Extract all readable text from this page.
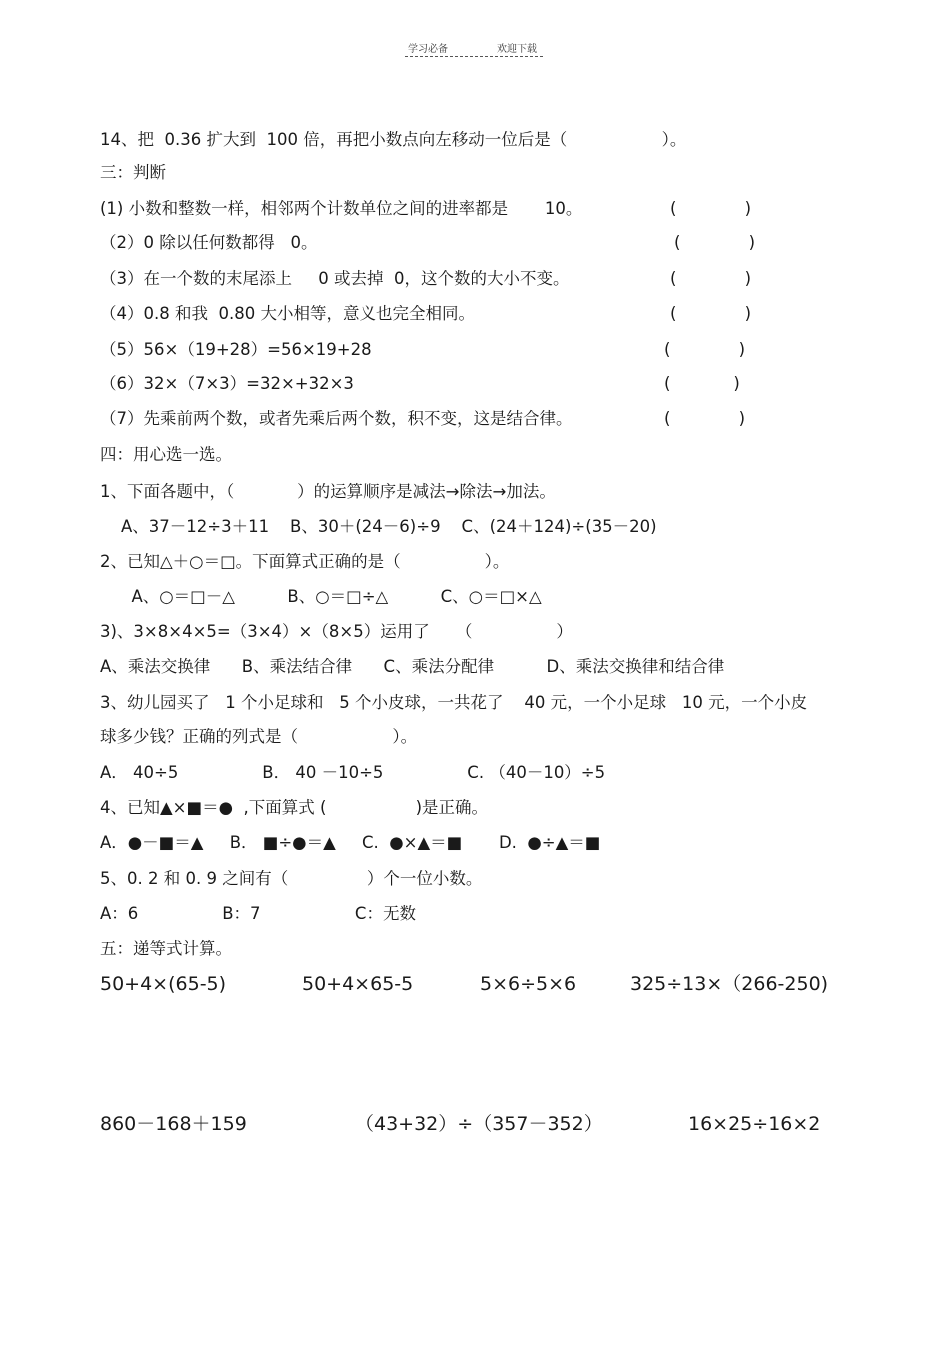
学习必备	欢迎下载
14、把  0.36 扩大到  100 倍，再把小数点向左移动一位后是（                  ）。
三：判断
(1) 小数和整数一样，相邻两个计数单位之间的进率都是       10。	(             )
（2）0 除以任何数都得   0。	(             )
（3）在一个数的末尾添上     0 或去掉  0，这个数的大小不变。	(             )
（4）0.8 和我  0.80 大小相等，意义也完全相同。	(             )
（5）56×（19+28）=56×19+28	(             )
（6）32×（7×3）=32×+32×3	(            )
（7）先乘前两个数，或者先乘后两个数，积不变，这是结合律。	(             )
四：用心选一选。
1、下面各题中，（            ）的运算顺序是减法→除法→加法。
A、37－12÷3＋11    B、30＋(24－6)÷9    C、(24＋124)÷(35－20)
2、已知△＋○＝□。下面算式正确的是（                ）。
A、○＝□－△          B、○＝□÷△          C、○＝□×△
3)、3×8×4×5=（3×4）×（8×5）运用了     （                ）
A、乘法交换律      B、乘法结合律      C、乘法分配律          D、乘法交换律和结合律
3、幼儿园买了   1 个小足球和   5 个小皮球，一共花了    40 元，一个小足球   10 元，一个小皮
球多少钱？正确的列式是（                  ）。
A． 40÷5                B． 40 －10÷5                C. （40－10）÷5
4、已知▲×■＝●  ,下面算式 (                 )是正确。
A．●－■＝▲     B． ■÷●＝▲     C.  ●×▲＝■       D.  ●÷▲＝■
5、0. 2 和 0. 9 之间有（               ）个一位小数。
A：6                B：7                  C：无数
五：递等式计算。
50+4×(65-5)	50+4×65-5	5×6÷5×6	325÷13×（266-250)
860－168＋159	（43+32）÷（357－352）	16×25÷16×2
